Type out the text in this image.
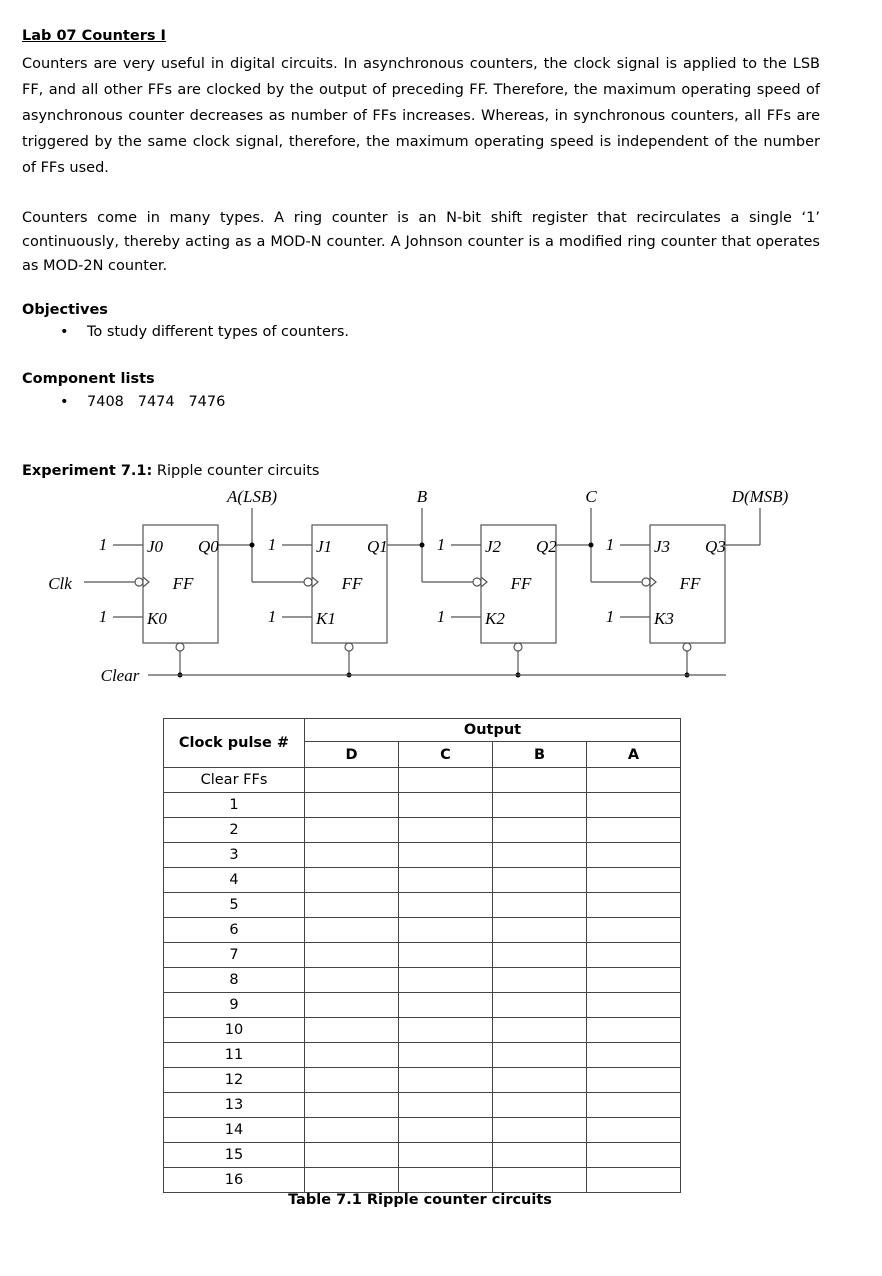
Lab 07 Counters I
Counters are very useful in digital circuits. In asynchronous counters, the clock signal is applied to the LSB FF, and all other FFs are clocked by the output of preceding FF. Therefore, the maximum operating speed of asynchronous counter decreases as number of FFs increases. Whereas, in synchronous counters, all FFs are triggered by the same clock signal, therefore, the maximum operating speed is independent of the number of FFs used.
Counters come in many types. A ring counter is an N-bit shift register that recirculates a single ‘1’ continuously, thereby acting as a MOD-N counter. A Johnson counter is a modified ring counter that operates as MOD-2N counter.
Objectives
•    To study different types of counters.
Component lists
•    7408   7474   7476
Experiment 7.1: Ripple counter circuits
1
1
J0
K0
Q0
FF
A(LSB)
1
1
J1
K1
Q1
FF
B
1
1
J2
K2
Q2
FF
C
1
1
J3
K3
Q3
FF
D(MSB)
Clk
Clear
Clock pulse #	Output			
	D	C	B	A
Clear FFs				
1				
2				
3				
4				
5				
6				
7				
8				
9				
10				
11				
12				
13				
14				
15				
16				
Table 7.1 Ripple counter circuits
